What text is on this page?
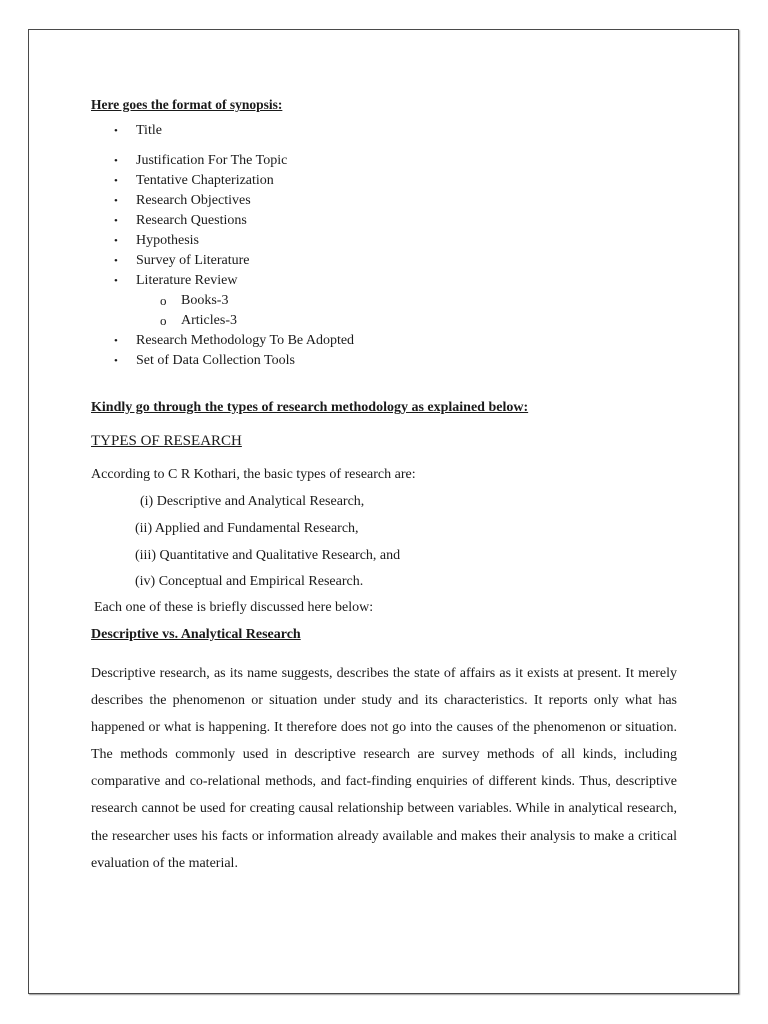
Here goes the format of synopsis:
• Title
• Justification For The Topic
• Tentative Chapterization
• Research Objectives
• Research Questions
• Hypothesis
• Survey of Literature
• Literature Review
o Books-3
o Articles-3
• Research Methodology To Be Adopted
• Set of Data Collection Tools
Kindly go through the types of research methodology as explained below:
TYPES OF RESEARCH
According to C R Kothari, the basic types of research are:
(i) Descriptive and Analytical Research,
(ii) Applied and Fundamental Research,
(iii) Quantitative and Qualitative Research, and
(iv) Conceptual and Empirical Research.
Each one of these is briefly discussed here below:
Descriptive vs. Analytical Research
Descriptive research, as its name suggests, describes the state of affairs as it exists at present. It merely describes the phenomenon or situation under study and its characteristics. It reports only what has happened or what is happening. It therefore does not go into the causes of the phenomenon or situation. The methods commonly used in descriptive research are survey methods of all kinds, including comparative and co-relational methods, and fact-finding enquiries of different kinds. Thus, descriptive research cannot be used for creating causal relationship between variables. While in analytical research, the researcher uses his facts or information already available and makes their analysis to make a critical evaluation of the material.
